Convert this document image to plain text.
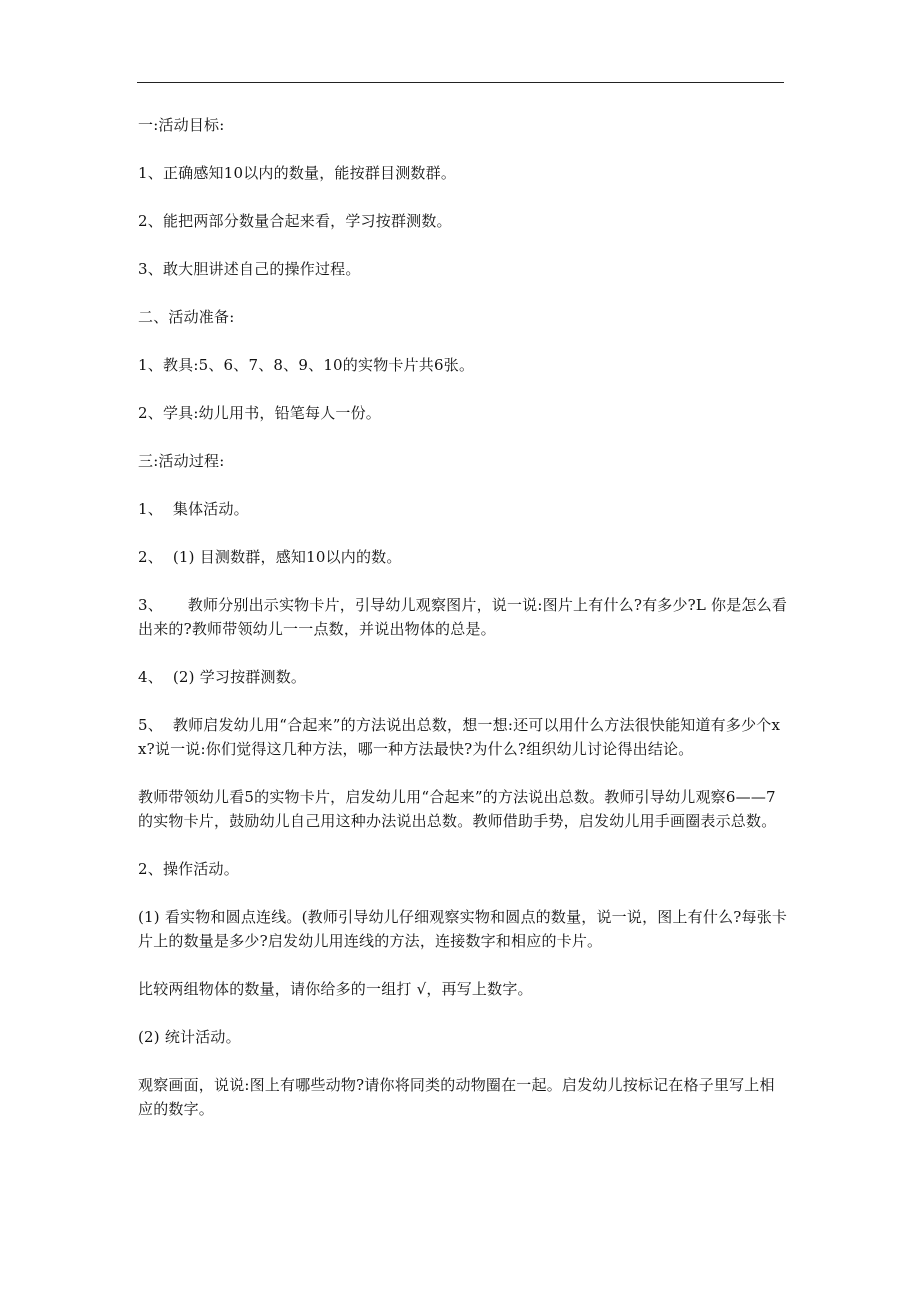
一:活动目标:

1、正确感知10以内的数量，能按群目测数群。

2、能把两部分数量合起来看，学习按群测数。

3、敢大胆讲述自己的操作过程。

二、活动准备:

1、教具:5、6、7、8、9、10的实物卡片共6张。

2、学具:幼儿用书，铅笔每人一份。

三:活动过程:

1、  集体活动。

2、  (1) 目测数群，感知10以内的数。

3、     教师分别出示实物卡片，引导幼儿观察图片，说一说:图片上有什么?有多少?L 你是怎么看出来的?教师带领幼儿一一点数，并说出物体的总是。

4、  (2) 学习按群测数。

5、  教师启发幼儿用“合起来”的方法说出总数，想一想:还可以用什么方法很快能知道有多少个x x?说一说:你们觉得这几种方法，哪一种方法最快?为什么?组织幼儿讨论得出结论。

教师带领幼儿看5的实物卡片，启发幼儿用“合起来”的方法说出总数。教师引导幼儿观察6——7的实物卡片，鼓励幼儿自己用这种办法说出总数。教师借助手势，启发幼儿用手画圈表示总数。

2、操作活动。

(1) 看实物和圆点连线。(教师引导幼儿仔细观察实物和圆点的数量，说一说，图上有什么?每张卡片上的数量是多少?启发幼儿用连线的方法，连接数字和相应的卡片。

比较两组物体的数量，请你给多的一组打 √，再写上数字。

(2) 统计活动。

观察画面，说说:图上有哪些动物?请你将同类的动物圈在一起。启发幼儿按标记在格子里写上相应的数字。
